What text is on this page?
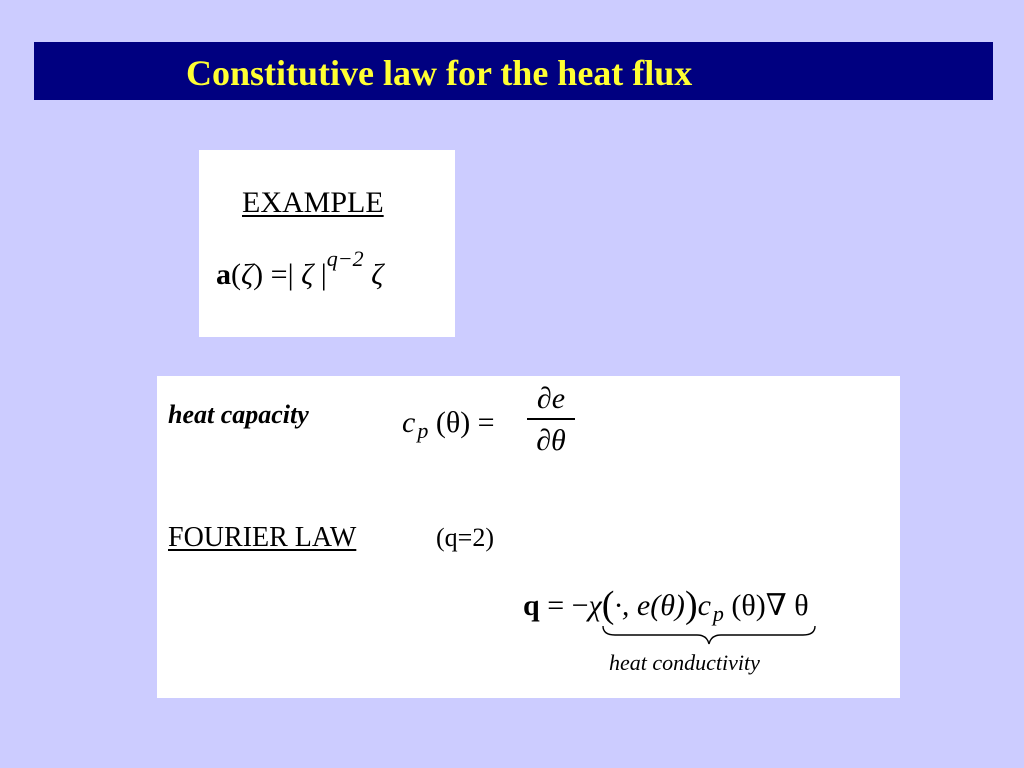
Constitutive law for the heat flux
EXAMPLE
a(ζ) =| ζ $|^{q-2}$ ζ
heat capacity	$c_p$ (θ) =
∂e
∂θ
FOURIER LAW	(q=2)
q = −χ(·, $e(\theta))c_p$ (θ)∇ θ
heat conductivity
